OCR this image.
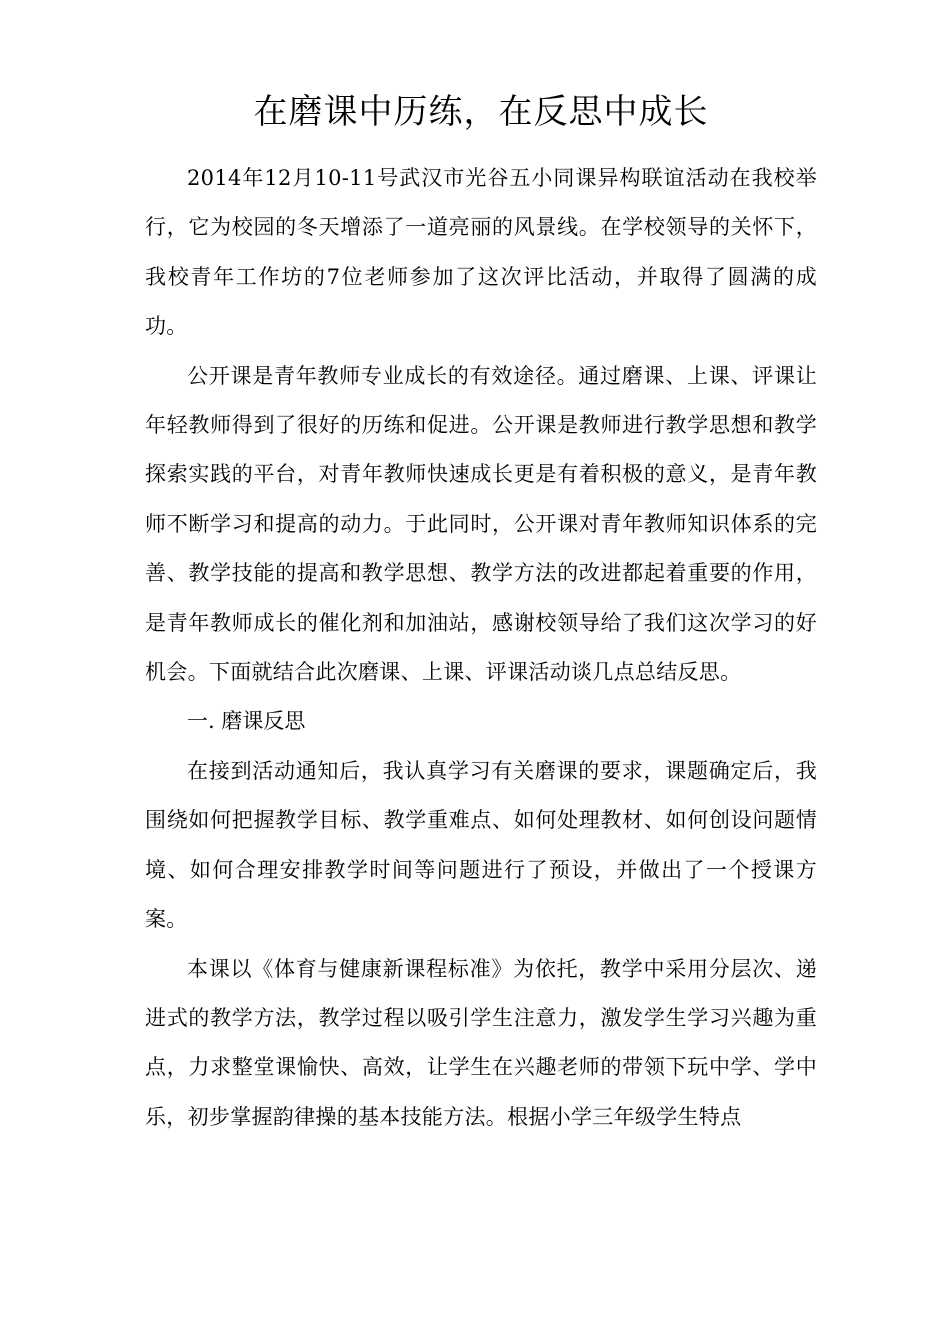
在磨课中历练，在反思中成长

2014年12月10-11号武汉市光谷五小同课异构联谊活动在我校举行，它为校园的冬天增添了一道亮丽的风景线。在学校领导的关怀下，我校青年工作坊的7位老师参加了这次评比活动，并取得了圆满的成功。

公开课是青年教师专业成长的有效途径。通过磨课、上课、评课让年轻教师得到了很好的历练和促进。公开课是教师进行教学思想和教学探索实践的平台，对青年教师快速成长更是有着积极的意义，是青年教师不断学习和提高的动力。于此同时，公开课对青年教师知识体系的完善、教学技能的提高和教学思想、教学方法的改进都起着重要的作用，是青年教师成长的催化剂和加油站，感谢校领导给了我们这次学习的好机会。下面就结合此次磨课、上课、评课活动谈几点总结反思。

一. 磨课反思

在接到活动通知后，我认真学习有关磨课的要求，课题确定后，我围绕如何把握教学目标、教学重难点、如何处理教材、如何创设问题情境、如何合理安排教学时间等问题进行了预设，并做出了一个授课方案。

本课以《体育与健康新课程标准》为依托，教学中采用分层次、递进式的教学方法，教学过程以吸引学生注意力，激发学生学习兴趣为重点，力求整堂课愉快、高效，让学生在兴趣老师的带领下玩中学、学中乐，初步掌握韵律操的基本技能方法。根据小学三年级学生特点
